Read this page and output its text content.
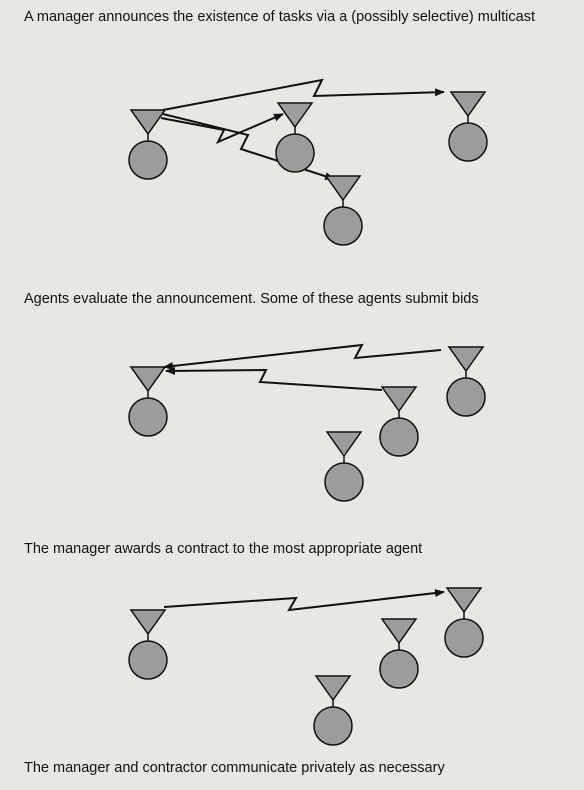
A manager announces the existence of tasks via a (possibly selective) multicast

Agents evaluate the announcement. Some of these agents submit bids

The manager awards a contract to the most appropriate agent

The manager and contractor communicate privately as necessary
